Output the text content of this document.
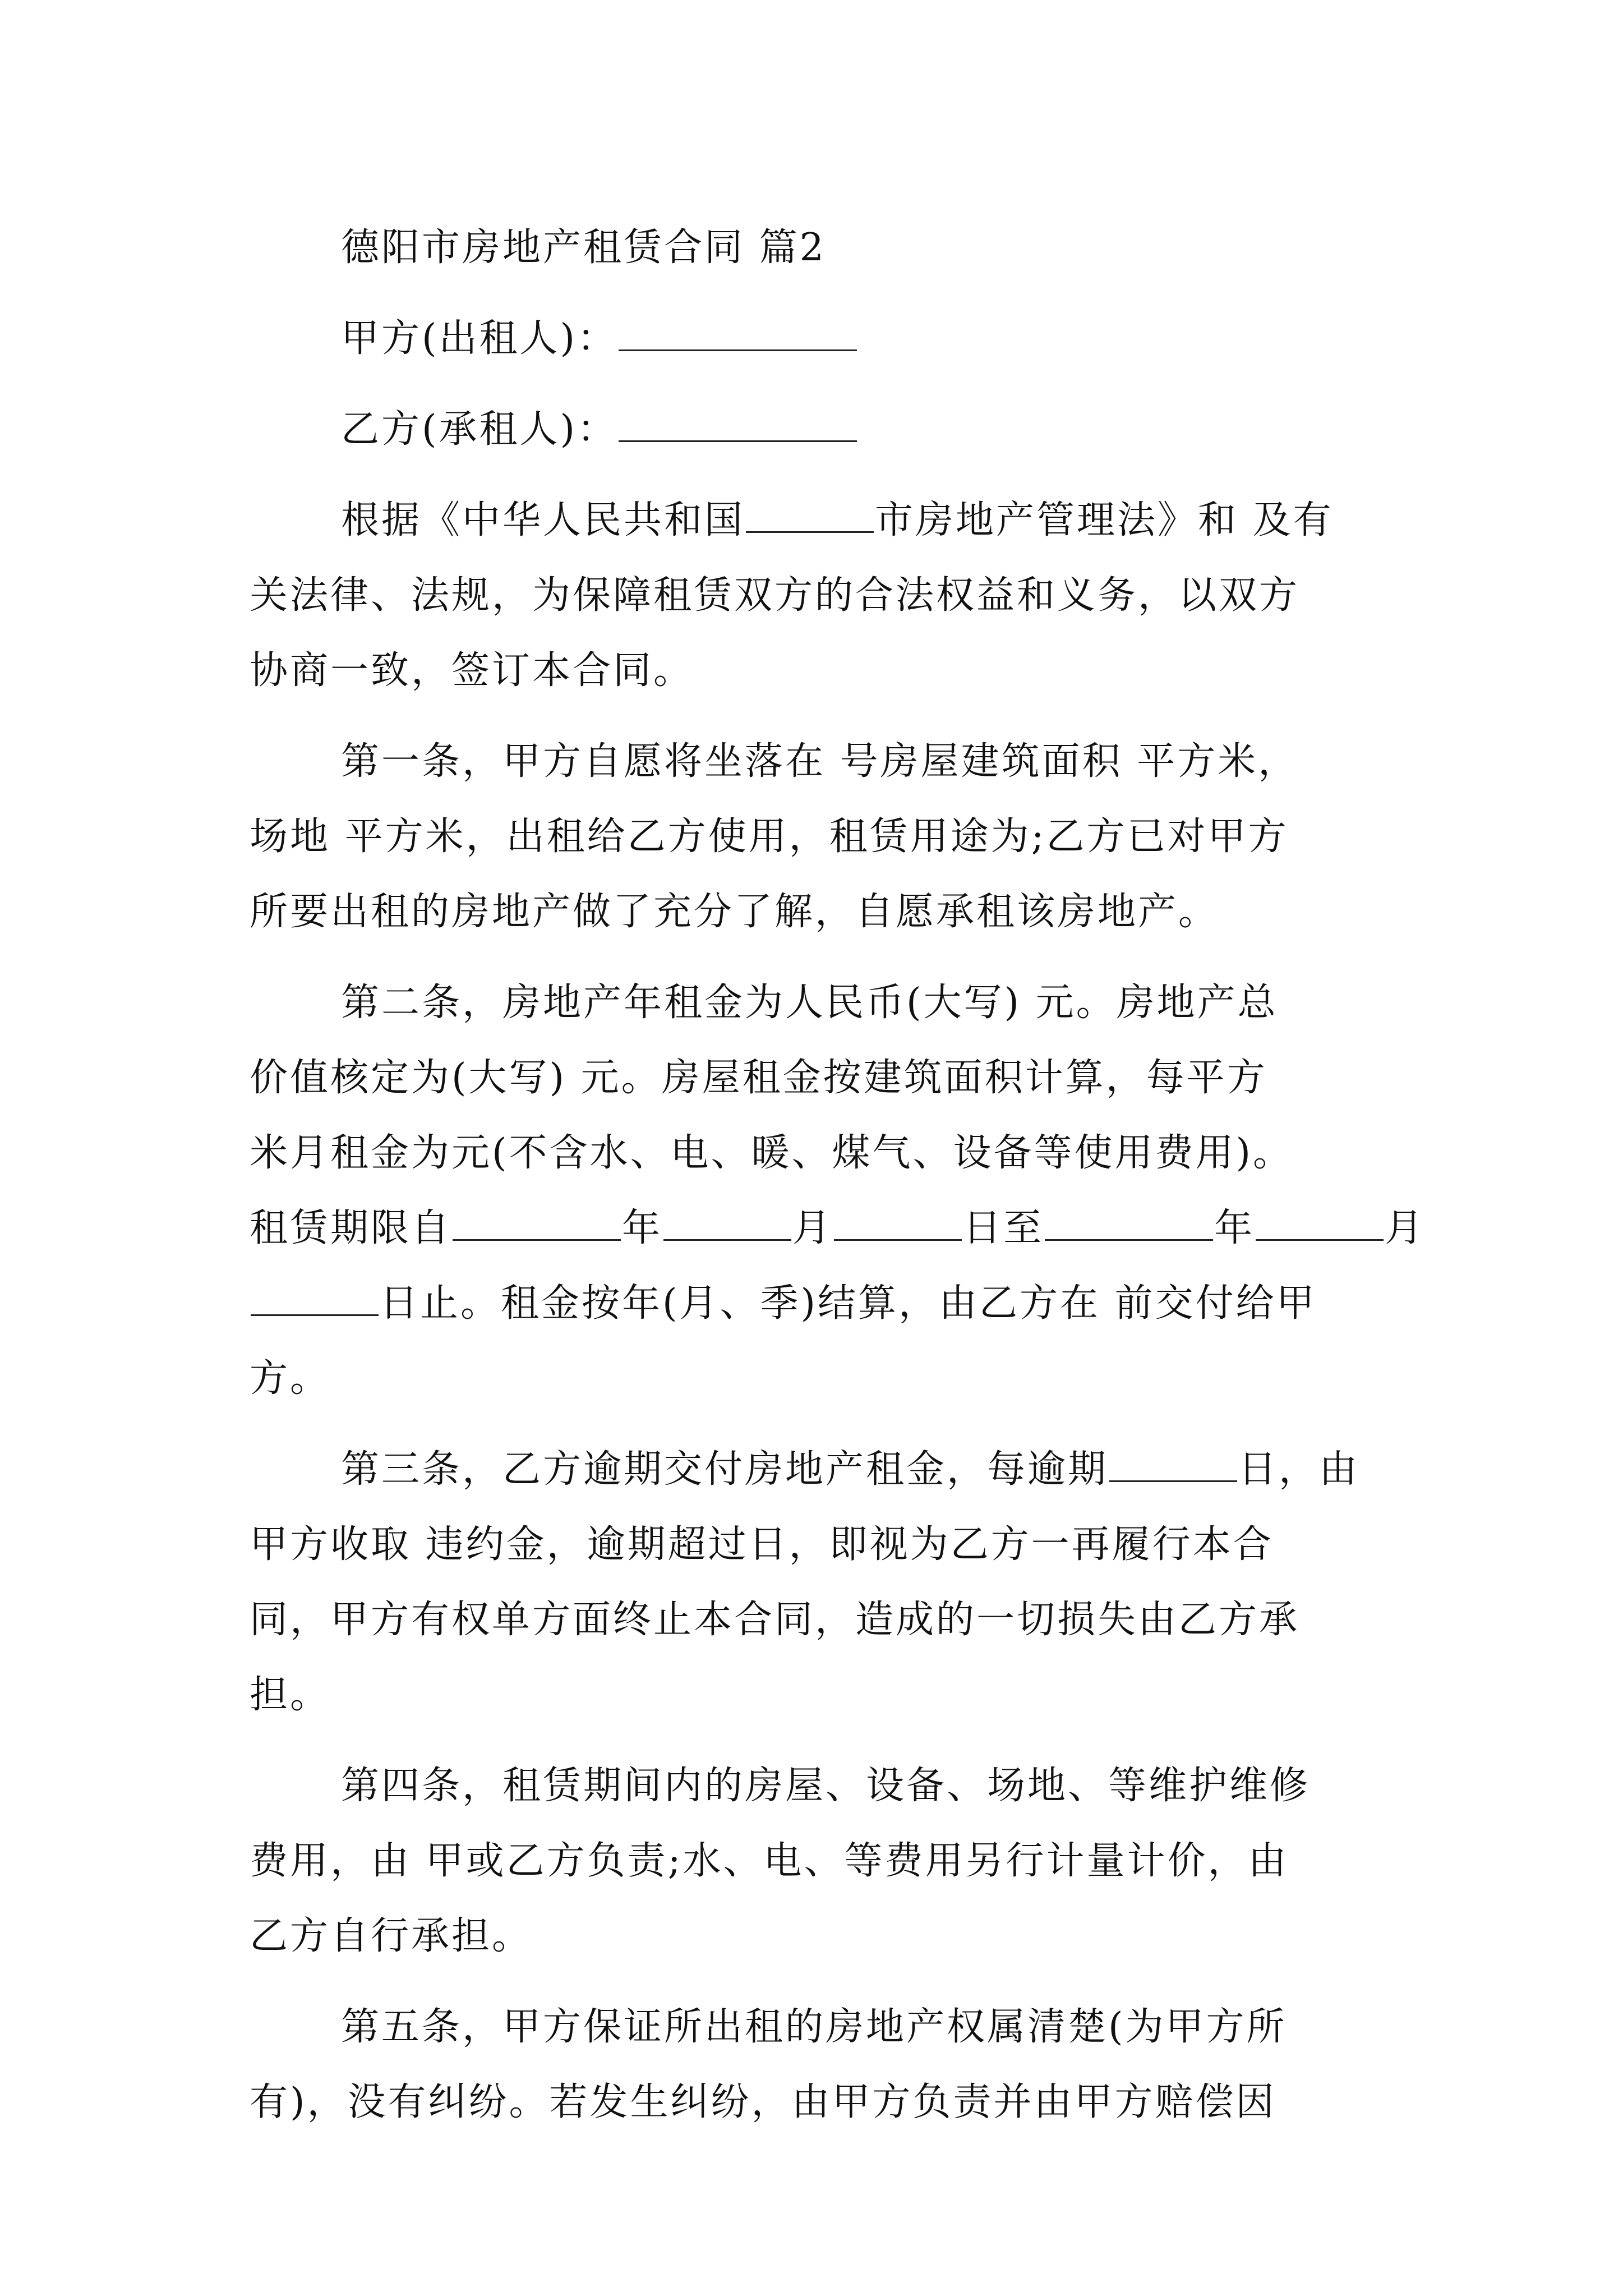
德阳市房地产租赁合同 篇2
甲方(出租人)：
乙方(承租人)：
根据《中华人民共和国	市房地产管理法》和 及有
关法律、法规，为保障租赁双方的合法权益和义务，以双方
协商一致，签订本合同。
第一条，甲方自愿将坐落在 号房屋建筑面积 平方米，
场地 平方米，出租给乙方使用，租赁用途为;乙方已对甲方
所要出租的房地产做了充分了解，自愿承租该房地产。
第二条，房地产年租金为人民币(大写) 元。房地产总
价值核定为(大写) 元。房屋租金按建筑面积计算，每平方
米月租金为元(不含水、电、暖、煤气、设备等使用费用)。
租赁期限自	年	月	日至	年	月
日止。租金按年(月、季)结算，由乙方在 前交付给甲
方。
第三条，乙方逾期交付房地产租金，每逾期	日，由
甲方收取 违约金，逾期超过日，即视为乙方一再履行本合
同，甲方有权单方面终止本合同，造成的一切损失由乙方承
担。
第四条，租赁期间内的房屋、设备、场地、等维护维修
费用，由 甲或乙方负责;水、电、等费用另行计量计价，由
乙方自行承担。
第五条，甲方保证所出租的房地产权属清楚(为甲方所
有)，没有纠纷。若发生纠纷，由甲方负责并由甲方赔偿因
